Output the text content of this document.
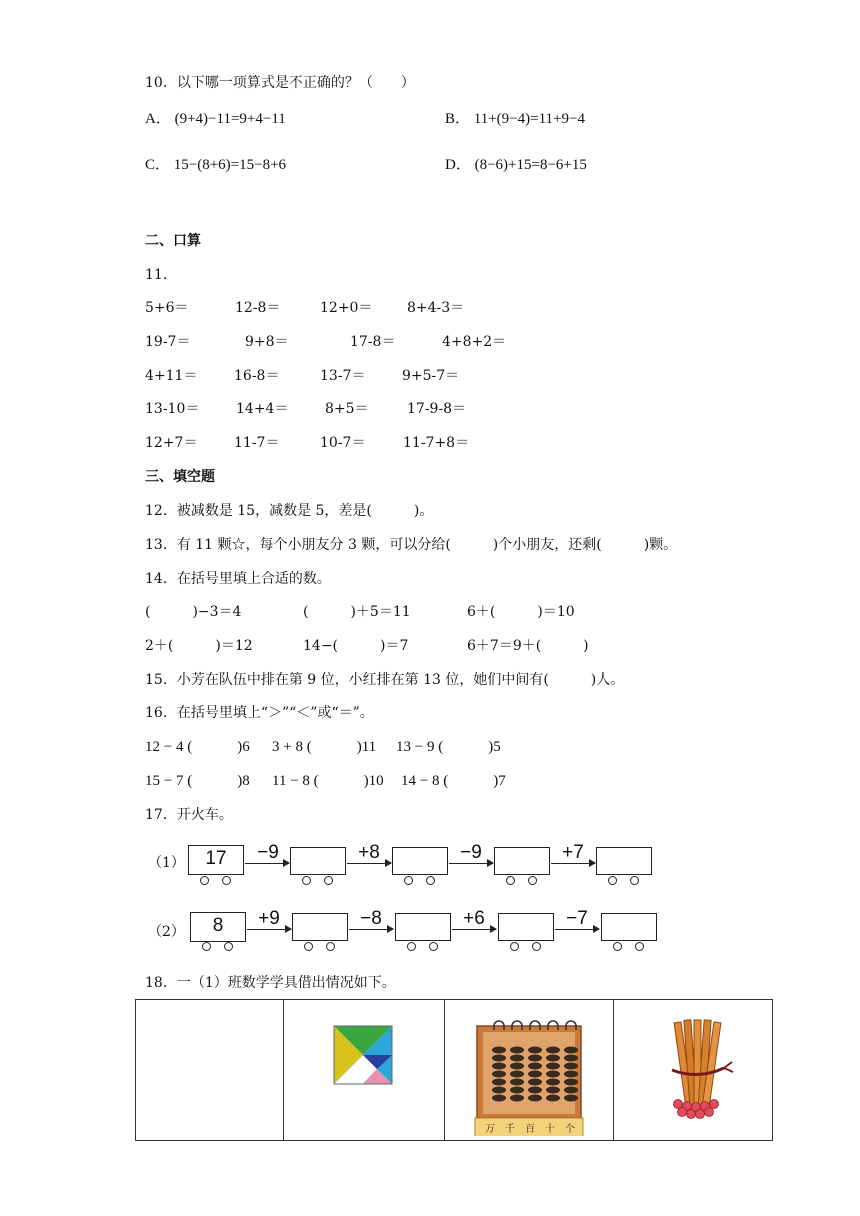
10．以下哪一项算式是不正确的？（　　）
A． (9+4)−11=9+4−11	B． 11+(9−4)=11+9−4
C． 15−(8+6)=15−8+6	D． (8−6)+15=8−6+15
二、口算
11．
5+6＝	12-8＝	12+0＝ 8+4-3＝
19-7＝	9+8＝	17-8＝	4+8+2＝
4+11＝	16-8＝	13-7＝	9+5-7＝
13-10＝	14+4＝	8+5＝	17-9-8＝
12+7＝	11-7＝	10-7＝	11-7+8＝
三、填空题
12．被减数是 15，减数是 5，差是(　　　)。
13．有 11 颗☆，每个小朋友分 3 颗，可以分给(　　　)个小朋友，还剩(　　　)颗。
14．在括号里填上合适的数。
(　　　)−3＝4	(　　　)＋5＝11	6＋(　　　)＝10
2＋(　　　)＝12	14−(　　　)＝7	6＋7＝9＋(　　　)
15．小芳在队伍中排在第 9 位，小红排在第 13 位，她们中间有(　　　)人。
16．在括号里填上“＞”“＜”或“＝”。
12 − 4 (　　　)6 3 + 8 (　　　)11 13 − 9 (　　　)5
15 − 7 (　　　)8 11 − 8 (　　　)10 14 − 8 (　　　)7
17．开火车。
（1）	17	−9	+8	−9	+7
（2）	8	+9	−8	+6	−7
18．一（1）班数学学具借出情况如下。

万 千 百 十 个
